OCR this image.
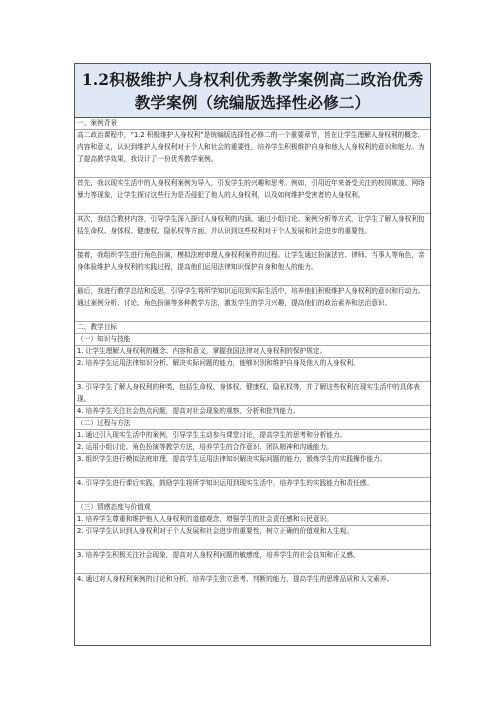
1.2积极维护人身权利优秀教学案例高二政治优秀教学案例（统编版选择性必修二）
一、案例背景
高二政治课程中，“1.2 积极维护人身权利”是统编版选择性必修二的一个重要章节，旨在让学生理解人身权利的概念、内容和意义，认识到维护人身权利对于个人和社会的重要性，培养学生积极维护自身和他人人身权利的意识和能力。为了提高教学效果，我设计了一份优秀教学案例。
首先，我以现实生活中的人身权利案例为导入，引发学生的兴趣和思考。例如，引用近年来备受关注的校园欺凌、网络暴力等现象，让学生探讨这些行为是否侵犯了他人的人身权利，以及如何维护受害者的人身权利。
其次，我结合教材内容，引导学生深入探讨人身权利的内涵。通过小组讨论、案例分析等方式，让学生了解人身权利包括生命权、身体权、健康权、隐私权等方面，并认识到这些权利对于个人发展和社会进步的重要性。
接着，我组织学生进行角色扮演，模拟法庭审理人身权利案件的过程。让学生通过扮演法官、律师、当事人等角色，亲身体验维护人身权利的实践过程，提高他们运用法律知识保护自身和他人的能力。
最后，我进行教学总结和反思，引导学生将所学知识运用到实际生活中，培养他们积极维护人身权利的意识和行动力。通过案例分析、讨论、角色扮演等多种教学方法，激发学生的学习兴趣，提高他们的政治素养和法治意识。
二、教学目标
（一）知识与技能
1. 让学生理解人身权利的概念、内容和意义，掌握我国法律对人身权利的保护规定。
2. 培养学生运用法律知识分析、解决实际问题的能力，能够识别和维护自身及他人的人身权利。
3. 引导学生了解人身权利的种类，包括生命权、身体权、健康权、隐私权等，并了解这些权利在现实生活中的具体表现。
4. 培养学生关注社会热点问题，提高对社会现象的观察、分析和批判能力。
（二）过程与方法
1. 通过引入现实生活中的案例，引导学生主动参与课堂讨论，提高学生的思考和分析能力。
2. 运用小组讨论、角色扮演等教学方法，培养学生的合作意识、团队精神和沟通能力。
3. 组织学生进行模拟法庭审理，提高学生运用法律知识解决实际问题的能力，锻炼学生的实践操作能力。
4. 引导学生进行课后实践，鼓励学生将所学知识运用到现实生活中，培养学生的实践能力和责任感。
（三）情感态度与价值观
1. 培养学生尊重和维护他人人身权利的道德观念，增强学生的社会责任感和公民意识。
2. 引导学生认识到人身权利对于个人发展和社会进步的重要性，树立正确的价值观和人生观。
3. 培养学生积极关注社会现象，提高对人身权利问题的敏感度，培养学生的社会良知和正义感。
4. 通过对人身权利案例的讨论和分析，培养学生独立思考、判断的能力，提高学生的思维品质和人文素养。
